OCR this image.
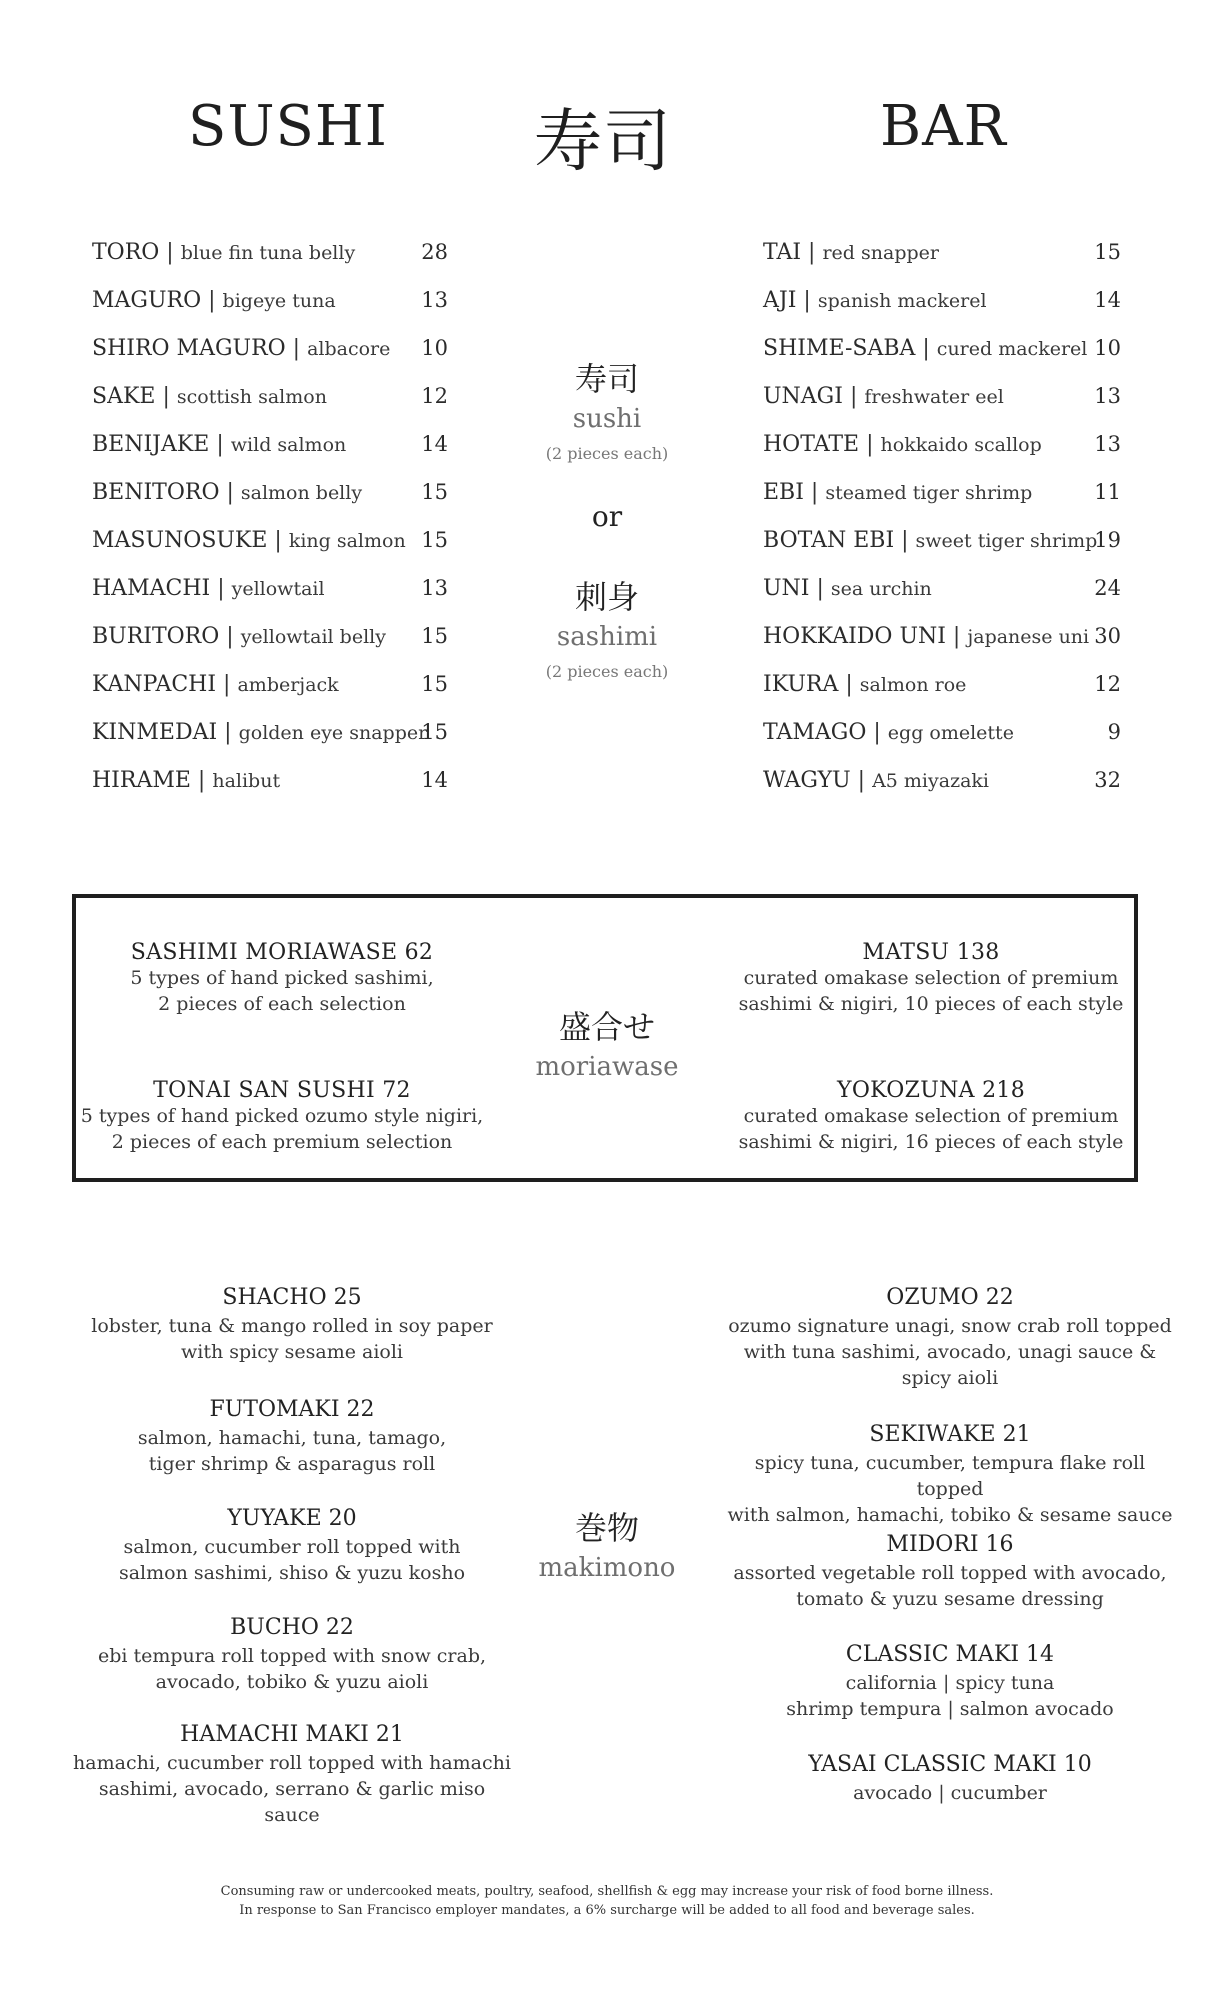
SUSHI 寿司	BAR
TORO | blue fin tuna belly	28
MAGURO | bigeye tuna	13
SHIRO MAGURO | albacore 10
SAKE | scottish salmon	12
BENIJAKE | wild salmon	14
BENITORO | salmon belly	15
MASUNOSUKE | king salmon 15
HAMACHI | yellowtail	13
BURITORO | yellowtail belly 15
KANPACHI | amberjack	15
KINMEDAI | golden eye snapper
15
HIRAME | halibut	14
TAI | red snapper	15
AJI | spanish mackerel	14
SHIME-SABA | cured mackerel 10
UNAGI | freshwater eel	13
HOTATE | hokkaido scallop	13
EBI | steamed tiger shrimp	11
BOTAN EBI | sweet tiger shrimp
19
UNI | sea urchin	24
HOKKAIDO UNI | japanese uni 30
IKURA | salmon roe	12
TAMAGO | egg omelette	9
WAGYU | A5 miyazaki	32
寿司
sushi
(2 pieces each)
or
刺身
sashimi
(2 pieces each)
SASHIMI MORIAWASE 62
5 types of hand picked sashimi,
2 pieces of each selection
TONAI SAN SUSHI 72
5 types of hand picked ozumo style nigiri,
2 pieces of each premium selection
盛合せ
moriawase
MATSU 138
curated omakase selection of premium
sashimi & nigiri, 10 pieces of each style
YOKOZUNA 218
curated omakase selection of premium
sashimi & nigiri, 16 pieces of each style
巻物
makimono
SHACHO 25
lobster, tuna & mango rolled in soy paper
with spicy sesame aioli
FUTOMAKI 22
salmon, hamachi, tuna, tamago,
tiger shrimp & asparagus roll
YUYAKE 20
salmon, cucumber roll topped with
salmon sashimi, shiso & yuzu kosho
BUCHO 22
ebi tempura roll topped with snow crab,
avocado, tobiko & yuzu aioli
HAMACHI MAKI 21
hamachi, cucumber roll topped with hamachi
sashimi, avocado, serrano & garlic miso sauce
OZUMO 22
ozumo signature unagi, snow crab roll topped
with tuna sashimi, avocado, unagi sauce &
spicy aioli
SEKIWAKE 21
spicy tuna, cucumber, tempura flake roll topped
with salmon, hamachi, tobiko & sesame sauce
MIDORI 16
assorted vegetable roll topped with avocado,
tomato & yuzu sesame dressing
CLASSIC MAKI 14
california | spicy tuna
shrimp tempura | salmon avocado
YASAI CLASSIC MAKI 10
avocado | cucumber
Consuming raw or undercooked meats, poultry, seafood, shellfish & egg may increase your risk of food borne illness.
In response to San Francisco employer mandates, a 6% surcharge will be added to all food and beverage sales.
